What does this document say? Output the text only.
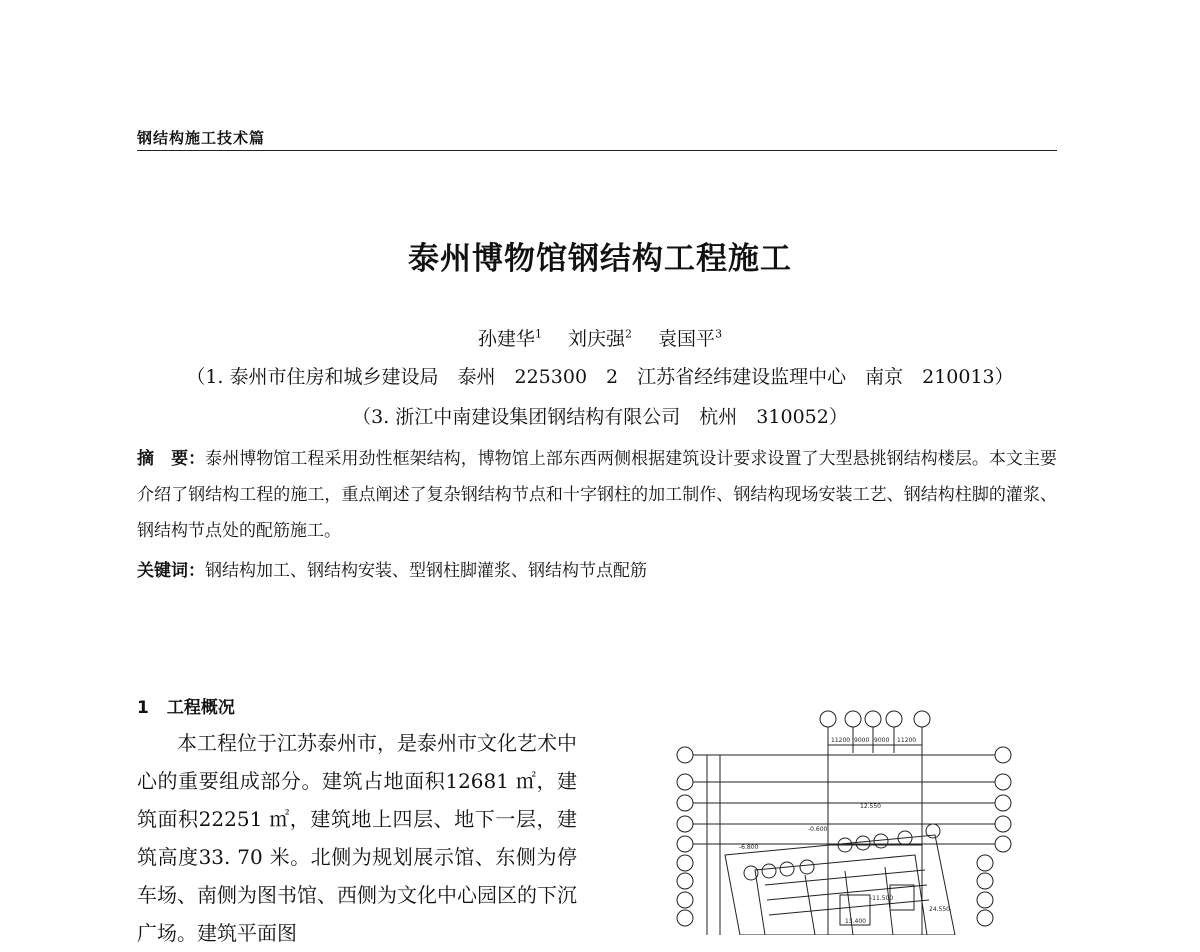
钢结构施工技术篇
泰州博物馆钢结构工程施工
孙建华$^1$ 刘庆强$^2$ 袁国平$^3$
（1. 泰州市住房和城乡建设局　泰州　225300　2　江苏省经纬建设监理中心　南京　210013）
（3. 浙江中南建设集团钢结构有限公司　杭州　310052）
摘　要：泰州博物馆工程采用劲性框架结构，博物馆上部东西两侧根据建筑设计要求设置了大型悬挑钢结构楼层。本文主要介绍了钢结构工程的施工，重点阐述了复杂钢结构节点和十字钢柱的加工制作、钢结构现场安装工艺、钢结构柱脚的灌浆、钢结构节点处的配筋施工。
关键词：钢结构加工、钢结构安装、型钢柱脚灌浆、钢结构节点配筋
1 工程概况

本工程位于江苏泰州市，是泰州市文化艺术中心的重要组成部分。建筑占地面积12681 ㎡，建筑面积22251 ㎡，建筑地上四层、地下一层，建筑高度33. 70 米。北侧为规划展示馆、东侧为停车场、南侧为图书馆、西侧为文化中心园区的下沉广场。建筑平面图

11200 9000 9000 11200
12.550
-0.600
-6.800
-11.500
24.550
13.400
